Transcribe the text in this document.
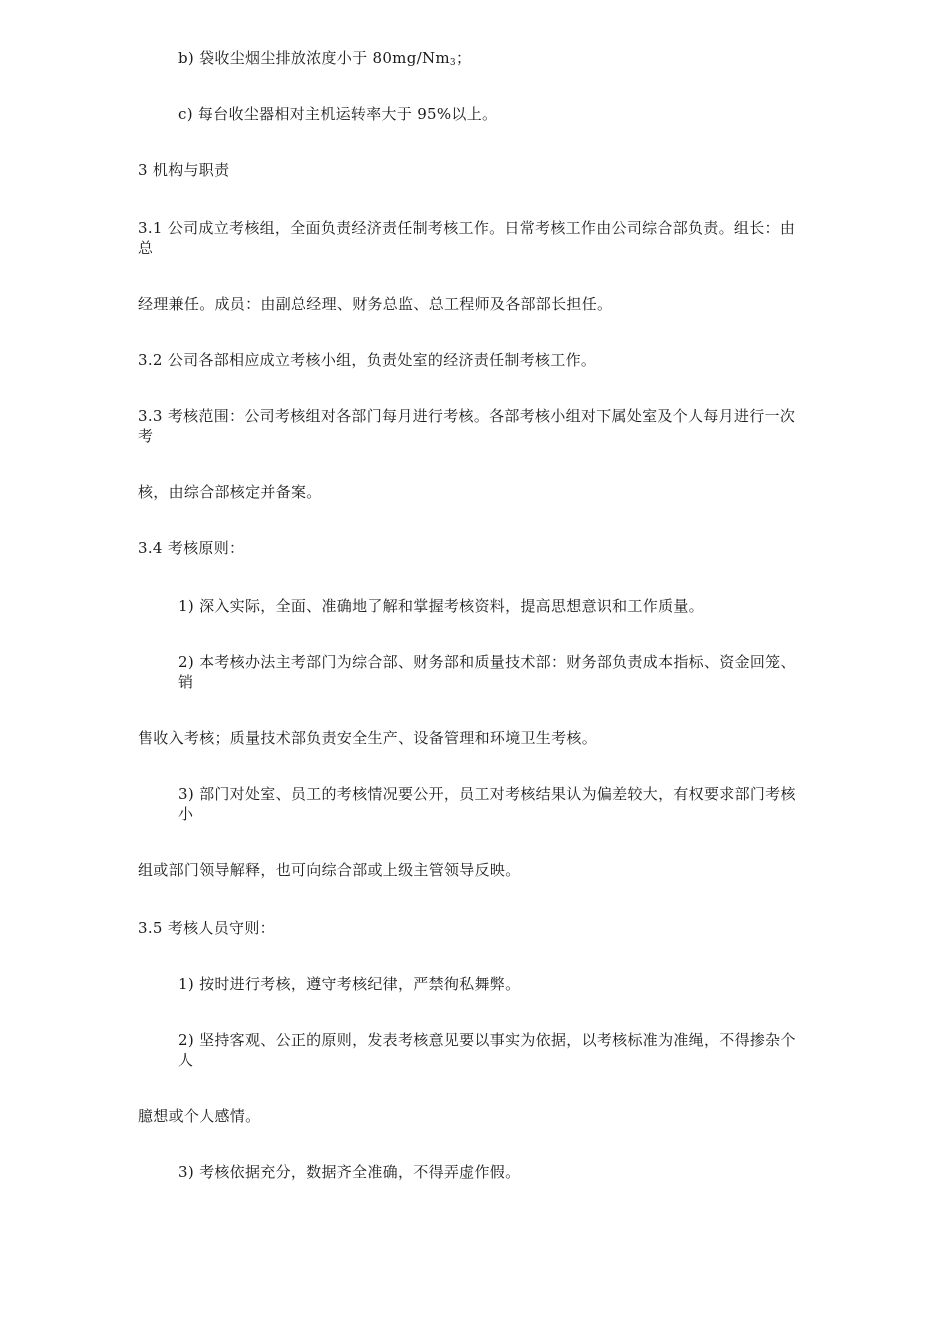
b) 袋收尘烟尘排放浓度小于 80mg/Nm3；
c) 每台收尘器相对主机运转率大于 95%以上。
3 机构与职责
3.1 公司成立考核组，全面负责经济责任制考核工作。日常考核工作由公司综合部负责。组长：由
总
经理兼任。成员：由副总经理、财务总监、总工程师及各部部长担任。
3.2 公司各部相应成立考核小组，负责处室的经济责任制考核工作。
3.3 考核范围：公司考核组对各部门每月进行考核。各部考核小组对下属处室及个人每月进行一次
考
核，由综合部核定并备案。
3.4 考核原则：
1) 深入实际，全面、准确地了解和掌握考核资料，提高思想意识和工作质量。
2) 本考核办法主考部门为综合部、财务部和质量技术部：财务部负责成本指标、资金回笼、
销
售收入考核；质量技术部负责安全生产、设备管理和环境卫生考核。
3) 部门对处室、员工的考核情况要公开，员工对考核结果认为偏差较大，有权要求部门考核
小
组或部门领导解释，也可向综合部或上级主管领导反映。
3.5 考核人员守则：
1) 按时进行考核，遵守考核纪律，严禁徇私舞弊。
2) 坚持客观、公正的原则，发表考核意见要以事实为依据，以考核标准为准绳，不得掺杂个
人
臆想或个人感情。
3) 考核依据充分，数据齐全准确，不得弄虚作假。
